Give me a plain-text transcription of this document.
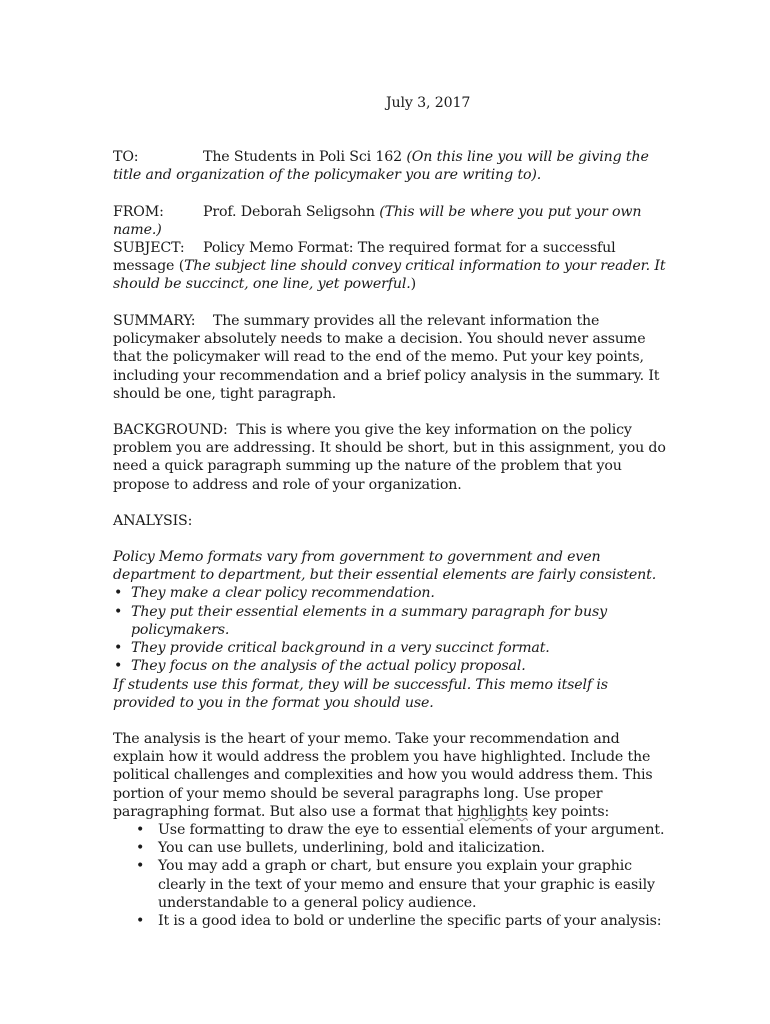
July 3, 2017
TO:	The Students in Poli Sci 162 (On this line you will be giving the title and organization of the policymaker you are writing to).
FROM:	Prof. Deborah Seligsohn (This will be where you put your own name.)
SUBJECT: Policy Memo Format: The required format for a successful message (The subject line should convey critical information to your reader. It should be succinct, one line, yet powerful.)
SUMMARY: The summary provides all the relevant information the policymaker absolutely needs to make a decision. You should never assume that the policymaker will read to the end of the memo. Put your key points, including your recommendation and a brief policy analysis in the summary. It should be one, tight paragraph.
BACKGROUND: This is where you give the key information on the policy problem you are addressing. It should be short, but in this assignment, you do need a quick paragraph summing up the nature of the problem that you propose to address and role of your organization.
ANALYSIS:
Policy Memo formats vary from government to government and even department to department, but their essential elements are fairly consistent.
• They make a clear policy recommendation.
• They put their essential elements in a summary paragraph for busy policymakers.
• They provide critical background in a very succinct format.
• They focus on the analysis of the actual policy proposal.
If students use this format, they will be successful. This memo itself is provided to you in the format you should use.
The analysis is the heart of your memo. Take your recommendation and explain how it would address the problem you have highlighted. Include the political challenges and complexities and how you would address them. This portion of your memo should be several paragraphs long. Use proper paragraphing format. But also use a format that highlights key points:
• Use formatting to draw the eye to essential elements of your argument.
• You can use bullets, underlining, bold and italicization.
• You may add a graph or chart, but ensure you explain your graphic clearly in the text of your memo and ensure that your graphic is easily understandable to a general policy audience.
• It is a good idea to bold or underline the specific parts of your analysis:
